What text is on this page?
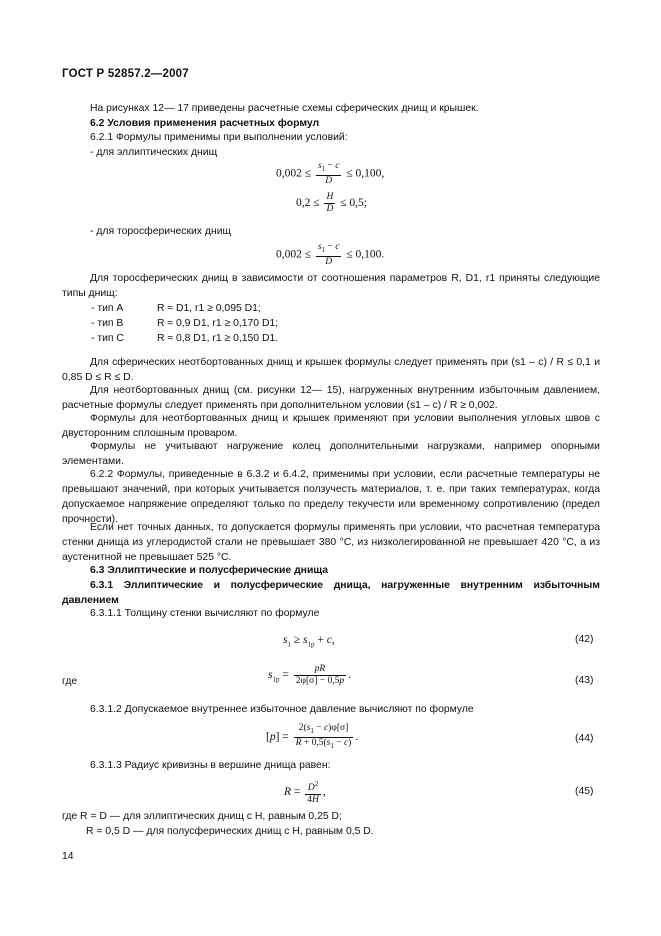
ГОСТ Р 52857.2—2007
На рисунках 12— 17 приведены расчетные схемы сферических днищ и крышек.
6.2 Условия применения расчетных формул
6.2.1 Формулы применимы при выполнении условий:
- для эллиптических днищ
$0,002 \le \frac{s_1 - c}{D} \le 0,100$,
$0,2 \le \frac{H}{D} \le 0,5$;
- для торосферических днищ
$0,002 \le \frac{s_1 - c}{D} \le 0,100$.
Для торосферических днищ в зависимости от соотношения параметров R, D1, r1 приняты следующие типы днищ:
- тип А	R ≈ D1, r1 ≥ 0,095 D1;
- тип В	R ≈ 0,9 D1, r1 ≥ 0,170 D1;
- тип С	R ≈ 0,8 D1, r1 ≥ 0,150 D1.
Для сферических неотбортованных днищ и крышек формулы следует применять при (s1 – c) / R ≤ 0,1 и 0,85 D ≤ R ≤ D.
Для неотбортованных днищ (см. рисунки 12— 15), нагруженных внутренним избыточным давлением, расчетные формулы следует применять при дополнительном условии (s1 – c) / R ≥ 0,002.
Формулы для неотбортованных днищ и крышек применяют при условии выполнения угловых швов с двусторонним сплошным проваром.
Формулы не учитывают нагружение колец дополнительными нагрузками, например опорными элементами.
6.2.2 Формулы, приведенные в 6.3.2 и 6.4.2, применимы при условии, если расчетные температуры не превышают значений, при которых учитывается ползучесть материалов, т. е. при таких температурах, когда допускаемое напряжение определяют только по пределу текучести или временному сопротивлению (предел прочности).
Если нет точных данных, то допускается формулы применять при условии, что расчетная температура стенки днища из углеродистой стали не превышает 380 °С, из низколегированной не превышает 420 °С, а из аустенитной не превышает 525 °С.
6.3 Эллиптические и полусферические днища
6.3.1 Эллиптические и полусферические днища, нагруженные внутренним избыточным давлением
6.3.1.1 Толщину стенки вычисляют по формуле
$s_1 \ge s_{1р} + c$,	(42)
где
$s_{1р} = \frac{pR}{2\varphi[\sigma] - 0,5p}$ .	(43)
6.3.1.2 Допускаемое внутреннее избыточное давление вычисляют по формуле
$[p] = \frac{2(s_1 - c)\varphi[\sigma]}{R + 0,5(s_1 - c)}$ .	(44)
6.3.1.3 Радиус кривизны в вершине днища равен:
$R = \frac{D^2}{4H}$ ,	(45)
где R = D — для эллиптических днищ с H, равным 0,25 D;
R = 0,5 D — для полусферических днищ с H, равным 0,5 D.
14
